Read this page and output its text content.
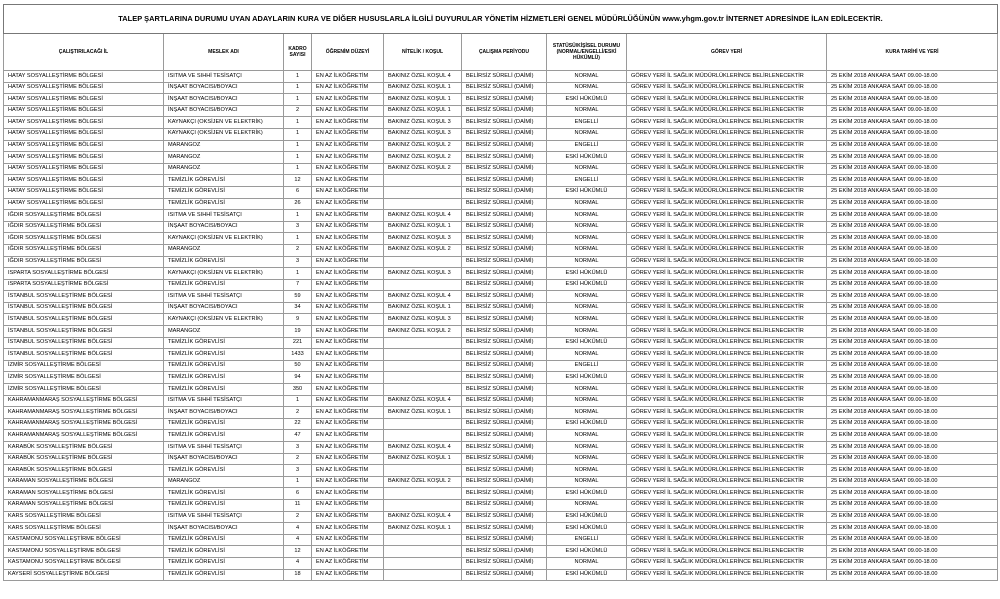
TALEP ŞARTLARINA DURUMU UYAN ADAYLARIN KURA VE DİĞER HUSUSLARLA İLGİLİ DUYURULAR YÖNETİM HİZMETLERİ GENEL MÜDÜRLÜĞÜNÜN www.yhgm.gov.tr İNTERNET ADRESİNDE İLAN EDİLECEKTİR.								
ÇALIŞTIRILACAĞI İL	MESLEK ADI	KADRO SAYISI	ÖĞRENİM DÜZEYİ	NİTELİK / KOŞUL	ÇALIŞMA PERİYODU	STATÜSÜ/KİŞİSEL DURUMU (NORMAL/ENGELLİ/ESKİ HÜKÜMLÜ)	GÖREV YERİ	KURA TARİHİ VE YERİ
HATAY SOSYALLEŞTİRME BÖLGESİ	ISITMA VE SIHHİ TESİSATÇI	1	EN AZ İLKÖĞRETİM	BAKINIZ ÖZEL KOŞUL 4	BELİRSİZ SÜRELİ (DAİMİ)	NORMAL	GÖREV YERİ İL SAĞLIK MÜDÜRLÜKLERİNCE BELİRLENECEKTİR	25 EKİM 2018 ANKARA SAAT 09.00-18.00
HATAY SOSYALLEŞTİRME BÖLGESİ	İNŞAAT BOYACISI/BOYACI	1	EN AZ İLKÖĞRETİM	BAKINIZ ÖZEL KOŞUL 1	BELİRSİZ SÜRELİ (DAİMİ)	NORMAL	GÖREV YERİ İL SAĞLIK MÜDÜRLÜKLERİNCE BELİRLENECEKTİR	25 EKİM 2018 ANKARA SAAT 09.00-18.00
HATAY SOSYALLEŞTİRME BÖLGESİ	İNŞAAT BOYACISI/BOYACI	1	EN AZ İLKÖĞRETİM	BAKINIZ ÖZEL KOŞUL 1	BELİRSİZ SÜRELİ (DAİMİ)	ESKİ HÜKÜMLÜ	GÖREV YERİ İL SAĞLIK MÜDÜRLÜKLERİNCE BELİRLENECEKTİR	25 EKİM 2018 ANKARA SAAT 09.00-18.00
HATAY SOSYALLEŞTİRME BÖLGESİ	İNŞAAT BOYACISI/BOYACI	2	EN AZ İLKÖĞRETİM	BAKINIZ ÖZEL KOŞUL 1	BELİRSİZ SÜRELİ (DAİMİ)	NORMAL	GÖREV YERİ İL SAĞLIK MÜDÜRLÜKLERİNCE BELİRLENECEKTİR	25 EKİM 2018 ANKARA SAAT 09.00-18.00
HATAY SOSYALLEŞTİRME BÖLGESİ	KAYNAKÇI (OKSİJEN VE ELEKTRİK)	1	EN AZ İLKÖĞRETİM	BAKINIZ ÖZEL KOŞUL 3	BELİRSİZ SÜRELİ (DAİMİ)	ENGELLİ	GÖREV YERİ İL SAĞLIK MÜDÜRLÜKLERİNCE BELİRLENECEKTİR	25 EKİM 2018 ANKARA SAAT 09.00-18.00
HATAY SOSYALLEŞTİRME BÖLGESİ	KAYNAKÇI (OKSİJEN VE ELEKTRİK)	1	EN AZ İLKÖĞRETİM	BAKINIZ ÖZEL KOŞUL 3	BELİRSİZ SÜRELİ (DAİMİ)	NORMAL	GÖREV YERİ İL SAĞLIK MÜDÜRLÜKLERİNCE BELİRLENECEKTİR	25 EKİM 2018 ANKARA SAAT 09.00-18.00
HATAY SOSYALLEŞTİRME BÖLGESİ	MARANGOZ	1	EN AZ İLKÖĞRETİM	BAKINIZ ÖZEL KOŞUL 2	BELİRSİZ SÜRELİ (DAİMİ)	ENGELLİ	GÖREV YERİ İL SAĞLIK MÜDÜRLÜKLERİNCE BELİRLENECEKTİR	25 EKİM 2018 ANKARA SAAT 09.00-18.00
HATAY SOSYALLEŞTİRME BÖLGESİ	MARANGOZ	1	EN AZ İLKÖĞRETİM	BAKINIZ ÖZEL KOŞUL 2	BELİRSİZ SÜRELİ (DAİMİ)	ESKİ HÜKÜMLÜ	GÖREV YERİ İL SAĞLIK MÜDÜRLÜKLERİNCE BELİRLENECEKTİR	25 EKİM 2018 ANKARA SAAT 09.00-18.00
HATAY SOSYALLEŞTİRME BÖLGESİ	MARANGOZ	1	EN AZ İLKÖĞRETİM	BAKINIZ ÖZEL KOŞUL 2	BELİRSİZ SÜRELİ (DAİMİ)	NORMAL	GÖREV YERİ İL SAĞLIK MÜDÜRLÜKLERİNCE BELİRLENECEKTİR	25 EKİM 2018 ANKARA SAAT 09.00-18.00
HATAY SOSYALLEŞTİRME BÖLGESİ	TEMİZLİK GÖREVLİSİ	12	EN AZ İLKÖĞRETİM		BELİRSİZ SÜRELİ (DAİMİ)	ENGELLİ	GÖREV YERİ İL SAĞLIK MÜDÜRLÜKLERİNCE BELİRLENECEKTİR	25 EKİM 2018 ANKARA SAAT 09.00-18.00
HATAY SOSYALLEŞTİRME BÖLGESİ	TEMİZLİK GÖREVLİSİ	6	EN AZ İLKÖĞRETİM		BELİRSİZ SÜRELİ (DAİMİ)	ESKİ HÜKÜMLÜ	GÖREV YERİ İL SAĞLIK MÜDÜRLÜKLERİNCE BELİRLENECEKTİR	25 EKİM 2018 ANKARA SAAT 09.00-18.00
HATAY SOSYALLEŞTİRME BÖLGESİ	TEMİZLİK GÖREVLİSİ	26	EN AZ İLKÖĞRETİM		BELİRSİZ SÜRELİ (DAİMİ)	NORMAL	GÖREV YERİ İL SAĞLIK MÜDÜRLÜKLERİNCE BELİRLENECEKTİR	25 EKİM 2018 ANKARA SAAT 09.00-18.00
IĞDIR SOSYALLEŞTİRME BÖLGESİ	ISITMA VE SIHHİ TESİSATÇI	1	EN AZ İLKÖĞRETİM	BAKINIZ ÖZEL KOŞUL 4	BELİRSİZ SÜRELİ (DAİMİ)	NORMAL	GÖREV YERİ İL SAĞLIK MÜDÜRLÜKLERİNCE BELİRLENECEKTİR	25 EKİM 2018 ANKARA SAAT 09.00-18.00
IĞDIR SOSYALLEŞTİRME BÖLGESİ	İNŞAAT BOYACISI/BOYACI	3	EN AZ İLKÖĞRETİM	BAKINIZ ÖZEL KOŞUL 1	BELİRSİZ SÜRELİ (DAİMİ)	NORMAL	GÖREV YERİ İL SAĞLIK MÜDÜRLÜKLERİNCE BELİRLENECEKTİR	25 EKİM 2018 ANKARA SAAT 09.00-18.00
IĞDIR SOSYALLEŞTİRME BÖLGESİ	KAYNAKÇI (OKSİJEN VE ELEKTRİK)	1	EN AZ İLKÖĞRETİM	BAKINIZ ÖZEL KOŞUL 3	BELİRSİZ SÜRELİ (DAİMİ)	NORMAL	GÖREV YERİ İL SAĞLIK MÜDÜRLÜKLERİNCE BELİRLENECEKTİR	25 EKİM 2018 ANKARA SAAT 09.00-18.00
IĞDIR SOSYALLEŞTİRME BÖLGESİ	MARANGOZ	2	EN AZ İLKÖĞRETİM	BAKINIZ ÖZEL KOŞUL 2	BELİRSİZ SÜRELİ (DAİMİ)	NORMAL	GÖREV YERİ İL SAĞLIK MÜDÜRLÜKLERİNCE BELİRLENECEKTİR	25 EKİM 2018 ANKARA SAAT 09.00-18.00
IĞDIR SOSYALLEŞTİRME BÖLGESİ	TEMİZLİK GÖREVLİSİ	3	EN AZ İLKÖĞRETİM		BELİRSİZ SÜRELİ (DAİMİ)	NORMAL	GÖREV YERİ İL SAĞLIK MÜDÜRLÜKLERİNCE BELİRLENECEKTİR	25 EKİM 2018 ANKARA SAAT 09.00-18.00
ISPARTA SOSYALLEŞTİRME BÖLGESİ	KAYNAKÇI (OKSİJEN VE ELEKTRİK)	1	EN AZ İLKÖĞRETİM	BAKINIZ ÖZEL KOŞUL 3	BELİRSİZ SÜRELİ (DAİMİ)	ESKİ HÜKÜMLÜ	GÖREV YERİ İL SAĞLIK MÜDÜRLÜKLERİNCE BELİRLENECEKTİR	25 EKİM 2018 ANKARA SAAT 09.00-18.00
ISPARTA SOSYALLEŞTİRME BÖLGESİ	TEMİZLİK GÖREVLİSİ	7	EN AZ İLKÖĞRETİM		BELİRSİZ SÜRELİ (DAİMİ)	ESKİ HÜKÜMLÜ	GÖREV YERİ İL SAĞLIK MÜDÜRLÜKLERİNCE BELİRLENECEKTİR	25 EKİM 2018 ANKARA SAAT 09.00-18.00
İSTANBUL SOSYALLEŞTİRME BÖLGESİ	ISITMA VE SIHHİ TESİSATÇI	59	EN AZ İLKÖĞRETİM	BAKINIZ ÖZEL KOŞUL 4	BELİRSİZ SÜRELİ (DAİMİ)	NORMAL	GÖREV YERİ İL SAĞLIK MÜDÜRLÜKLERİNCE BELİRLENECEKTİR	25 EKİM 2018 ANKARA SAAT 09.00-18.00
İSTANBUL SOSYALLEŞTİRME BÖLGESİ	İNŞAAT BOYACISI/BOYACI	34	EN AZ İLKÖĞRETİM	BAKINIZ ÖZEL KOŞUL 1	BELİRSİZ SÜRELİ (DAİMİ)	NORMAL	GÖREV YERİ İL SAĞLIK MÜDÜRLÜKLERİNCE BELİRLENECEKTİR	25 EKİM 2018 ANKARA SAAT 09.00-18.00
İSTANBUL SOSYALLEŞTİRME BÖLGESİ	KAYNAKÇI (OKSİJEN VE ELEKTRİK)	9	EN AZ İLKÖĞRETİM	BAKINIZ ÖZEL KOŞUL 3	BELİRSİZ SÜRELİ (DAİMİ)	NORMAL	GÖREV YERİ İL SAĞLIK MÜDÜRLÜKLERİNCE BELİRLENECEKTİR	25 EKİM 2018 ANKARA SAAT 09.00-18.00
İSTANBUL SOSYALLEŞTİRME BÖLGESİ	MARANGOZ	19	EN AZ İLKÖĞRETİM	BAKINIZ ÖZEL KOŞUL 2	BELİRSİZ SÜRELİ (DAİMİ)	NORMAL	GÖREV YERİ İL SAĞLIK MÜDÜRLÜKLERİNCE BELİRLENECEKTİR	25 EKİM 2018 ANKARA SAAT 09.00-18.00
İSTANBUL SOSYALLEŞTİRME BÖLGESİ	TEMİZLİK GÖREVLİSİ	221	EN AZ İLKÖĞRETİM		BELİRSİZ SÜRELİ (DAİMİ)	ESKİ HÜKÜMLÜ	GÖREV YERİ İL SAĞLIK MÜDÜRLÜKLERİNCE BELİRLENECEKTİR	25 EKİM 2018 ANKARA SAAT 09.00-18.00
İSTANBUL SOSYALLEŞTİRME BÖLGESİ	TEMİZLİK GÖREVLİSİ	1433	EN AZ İLKÖĞRETİM		BELİRSİZ SÜRELİ (DAİMİ)	NORMAL	GÖREV YERİ İL SAĞLIK MÜDÜRLÜKLERİNCE BELİRLENECEKTİR	25 EKİM 2018 ANKARA SAAT 09.00-18.00
İZMİR SOSYALLEŞTİRME BÖLGESİ	TEMİZLİK GÖREVLİSİ	50	EN AZ İLKÖĞRETİM		BELİRSİZ SÜRELİ (DAİMİ)	ENGELLİ	GÖREV YERİ İL SAĞLIK MÜDÜRLÜKLERİNCE BELİRLENECEKTİR	25 EKİM 2018 ANKARA SAAT 09.00-18.00
İZMİR SOSYALLEŞTİRME BÖLGESİ	TEMİZLİK GÖREVLİSİ	94	EN AZ İLKÖĞRETİM		BELİRSİZ SÜRELİ (DAİMİ)	ESKİ HÜKÜMLÜ	GÖREV YERİ İL SAĞLIK MÜDÜRLÜKLERİNCE BELİRLENECEKTİR	25 EKİM 2018 ANKARA SAAT 09.00-18.00
İZMİR SOSYALLEŞTİRME BÖLGESİ	TEMİZLİK GÖREVLİSİ	350	EN AZ İLKÖĞRETİM		BELİRSİZ SÜRELİ (DAİMİ)	NORMAL	GÖREV YERİ İL SAĞLIK MÜDÜRLÜKLERİNCE BELİRLENECEKTİR	25 EKİM 2018 ANKARA SAAT 09.00-18.00
KAHRAMANMARAŞ SOSYALLEŞTİRME BÖLGESİ	ISITMA VE SIHHİ TESİSATÇI	1	EN AZ İLKÖĞRETİM	BAKINIZ ÖZEL KOŞUL 4	BELİRSİZ SÜRELİ (DAİMİ)	NORMAL	GÖREV YERİ İL SAĞLIK MÜDÜRLÜKLERİNCE BELİRLENECEKTİR	25 EKİM 2018 ANKARA SAAT 09.00-18.00
KAHRAMANMARAŞ SOSYALLEŞTİRME BÖLGESİ	İNŞAAT BOYACISI/BOYACI	2	EN AZ İLKÖĞRETİM	BAKINIZ ÖZEL KOŞUL 1	BELİRSİZ SÜRELİ (DAİMİ)	NORMAL	GÖREV YERİ İL SAĞLIK MÜDÜRLÜKLERİNCE BELİRLENECEKTİR	25 EKİM 2018 ANKARA SAAT 09.00-18.00
KAHRAMANMARAŞ SOSYALLEŞTİRME BÖLGESİ	TEMİZLİK GÖREVLİSİ	22	EN AZ İLKÖĞRETİM		BELİRSİZ SÜRELİ (DAİMİ)	ESKİ HÜKÜMLÜ	GÖREV YERİ İL SAĞLIK MÜDÜRLÜKLERİNCE BELİRLENECEKTİR	25 EKİM 2018 ANKARA SAAT 09.00-18.00
KAHRAMANMARAŞ SOSYALLEŞTİRME BÖLGESİ	TEMİZLİK GÖREVLİSİ	47	EN AZ İLKÖĞRETİM		BELİRSİZ SÜRELİ (DAİMİ)	NORMAL	GÖREV YERİ İL SAĞLIK MÜDÜRLÜKLERİNCE BELİRLENECEKTİR	25 EKİM 2018 ANKARA SAAT 09.00-18.00
KARABÜK SOSYALLEŞTİRME BÖLGESİ	ISITMA VE SIHHİ TESİSATÇI	3	EN AZ İLKÖĞRETİM	BAKINIZ ÖZEL KOŞUL 4	BELİRSİZ SÜRELİ (DAİMİ)	NORMAL	GÖREV YERİ İL SAĞLIK MÜDÜRLÜKLERİNCE BELİRLENECEKTİR	25 EKİM 2018 ANKARA SAAT 09.00-18.00
KARABÜK SOSYALLEŞTİRME BÖLGESİ	İNŞAAT BOYACISI/BOYACI	2	EN AZ İLKÖĞRETİM	BAKINIZ ÖZEL KOŞUL 1	BELİRSİZ SÜRELİ (DAİMİ)	NORMAL	GÖREV YERİ İL SAĞLIK MÜDÜRLÜKLERİNCE BELİRLENECEKTİR	25 EKİM 2018 ANKARA SAAT 09.00-18.00
KARABÜK SOSYALLEŞTİRME BÖLGESİ	TEMİZLİK GÖREVLİSİ	3	EN AZ İLKÖĞRETİM		BELİRSİZ SÜRELİ (DAİMİ)	NORMAL	GÖREV YERİ İL SAĞLIK MÜDÜRLÜKLERİNCE BELİRLENECEKTİR	25 EKİM 2018 ANKARA SAAT 09.00-18.00
KARAMAN SOSYALLEŞTİRME BÖLGESİ	MARANGOZ	1	EN AZ İLKÖĞRETİM	BAKINIZ ÖZEL KOŞUL 2	BELİRSİZ SÜRELİ (DAİMİ)	NORMAL	GÖREV YERİ İL SAĞLIK MÜDÜRLÜKLERİNCE BELİRLENECEKTİR	25 EKİM 2018 ANKARA SAAT 09.00-18.00
KARAMAN SOSYALLEŞTİRME BÖLGESİ	TEMİZLİK GÖREVLİSİ	6	EN AZ İLKÖĞRETİM		BELİRSİZ SÜRELİ (DAİMİ)	ESKİ HÜKÜMLÜ	GÖREV YERİ İL SAĞLIK MÜDÜRLÜKLERİNCE BELİRLENECEKTİR	25 EKİM 2018 ANKARA SAAT 09.00-18.00
KARAMAN SOSYALLEŞTİRME BÖLGESİ	TEMİZLİK GÖREVLİSİ	11	EN AZ İLKÖĞRETİM		BELİRSİZ SÜRELİ (DAİMİ)	NORMAL	GÖREV YERİ İL SAĞLIK MÜDÜRLÜKLERİNCE BELİRLENECEKTİR	25 EKİM 2018 ANKARA SAAT 09.00-18.00
KARS SOSYALLEŞTİRME BÖLGESİ	ISITMA VE SIHHİ TESİSATÇI	2	EN AZ İLKÖĞRETİM	BAKINIZ ÖZEL KOŞUL 4	BELİRSİZ SÜRELİ (DAİMİ)	ESKİ HÜKÜMLÜ	GÖREV YERİ İL SAĞLIK MÜDÜRLÜKLERİNCE BELİRLENECEKTİR	25 EKİM 2018 ANKARA SAAT 09.00-18.00
KARS SOSYALLEŞTİRME BÖLGESİ	İNŞAAT BOYACISI/BOYACI	4	EN AZ İLKÖĞRETİM	BAKINIZ ÖZEL KOŞUL 1	BELİRSİZ SÜRELİ (DAİMİ)	ESKİ HÜKÜMLÜ	GÖREV YERİ İL SAĞLIK MÜDÜRLÜKLERİNCE BELİRLENECEKTİR	25 EKİM 2018 ANKARA SAAT 09.00-18.00
KASTAMONU SOSYALLEŞTİRME BÖLGESİ	TEMİZLİK GÖREVLİSİ	4	EN AZ İLKÖĞRETİM		BELİRSİZ SÜRELİ (DAİMİ)	ENGELLİ	GÖREV YERİ İL SAĞLIK MÜDÜRLÜKLERİNCE BELİRLENECEKTİR	25 EKİM 2018 ANKARA SAAT 09.00-18.00
KASTAMONU SOSYALLEŞTİRME BÖLGESİ	TEMİZLİK GÖREVLİSİ	12	EN AZ İLKÖĞRETİM		BELİRSİZ SÜRELİ (DAİMİ)	ESKİ HÜKÜMLÜ	GÖREV YERİ İL SAĞLIK MÜDÜRLÜKLERİNCE BELİRLENECEKTİR	25 EKİM 2018 ANKARA SAAT 09.00-18.00
KASTAMONU SOSYALLEŞTİRME BÖLGESİ	TEMİZLİK GÖREVLİSİ	4	EN AZ İLKÖĞRETİM		BELİRSİZ SÜRELİ (DAİMİ)	NORMAL	GÖREV YERİ İL SAĞLIK MÜDÜRLÜKLERİNCE BELİRLENECEKTİR	25 EKİM 2018 ANKARA SAAT 09.00-18.00
KAYSERİ SOSYALLEŞTİRME BÖLGESİ	TEMİZLİK GÖREVLİSİ	18	EN AZ İLKÖĞRETİM		BELİRSİZ SÜRELİ (DAİMİ)	ESKİ HÜKÜMLÜ	GÖREV YERİ İL SAĞLIK MÜDÜRLÜKLERİNCE BELİRLENECEKTİR	25 EKİM 2018 ANKARA SAAT 09.00-18.00
